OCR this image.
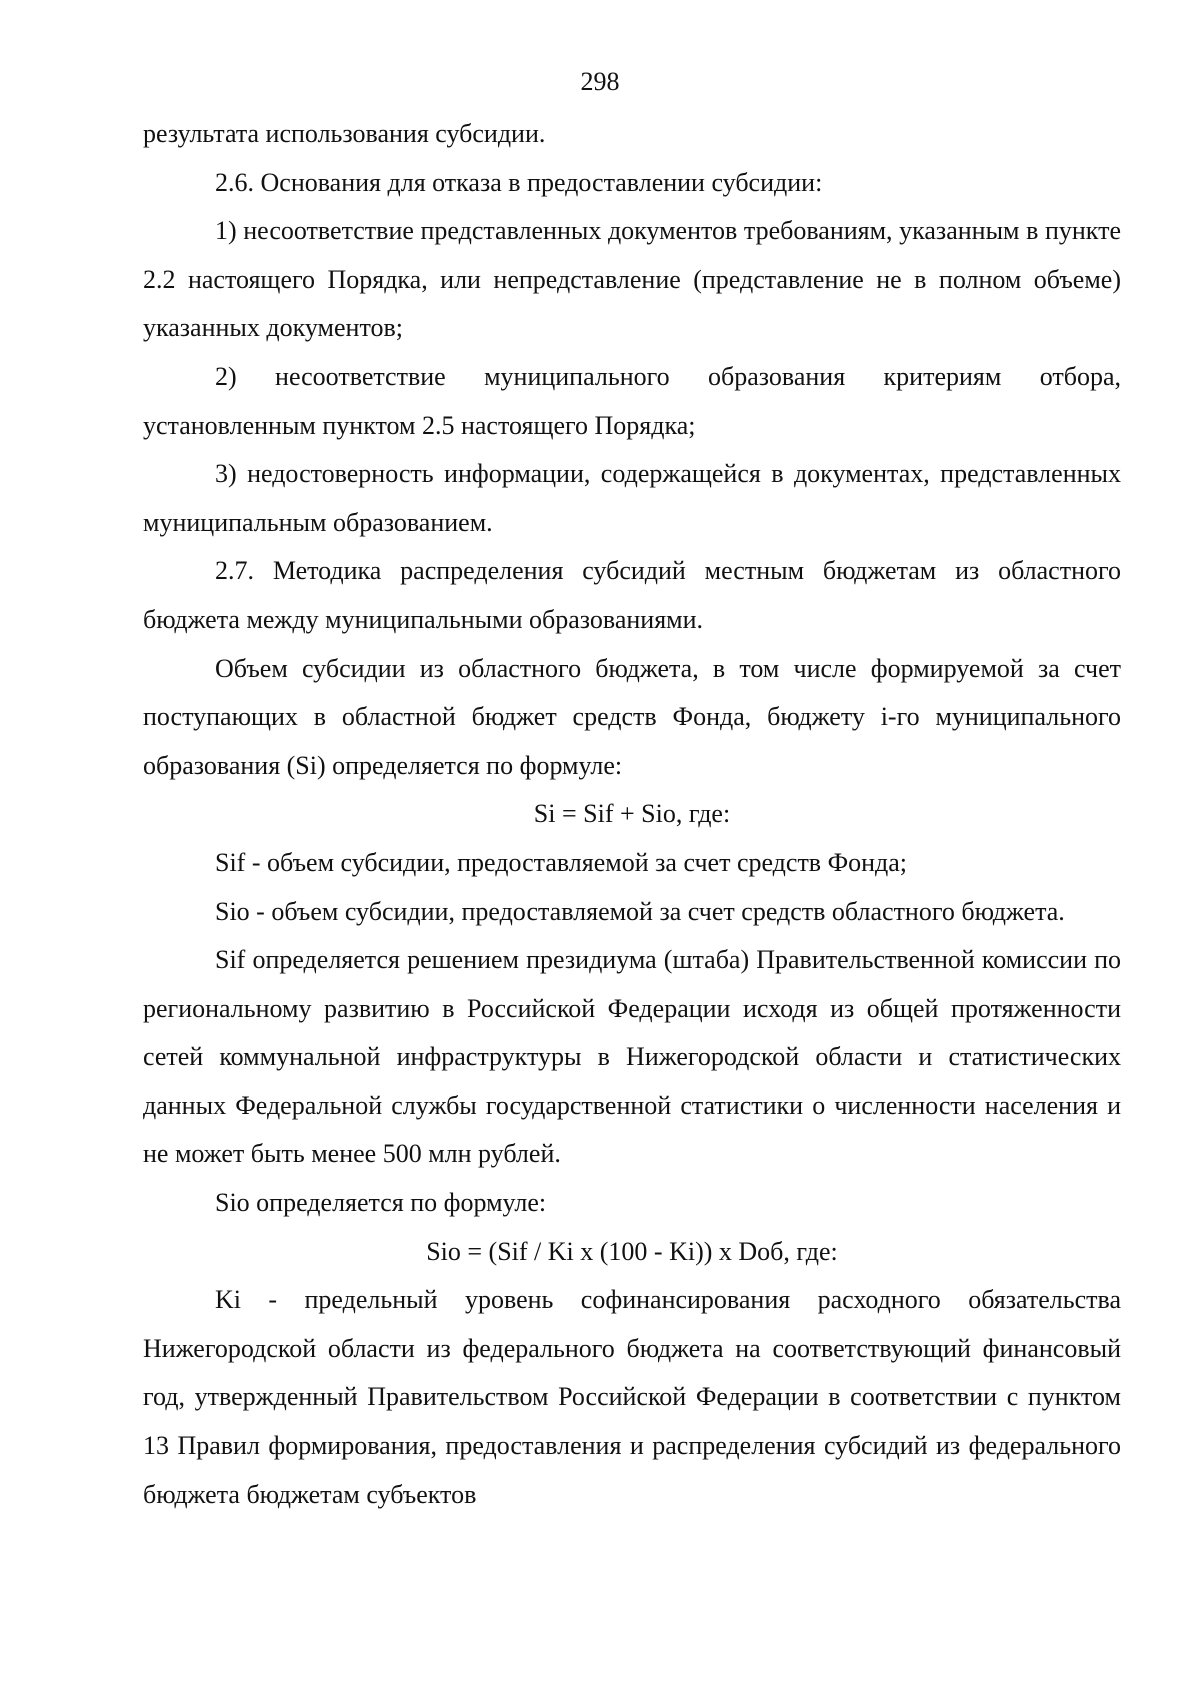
298

результата использования субсидии.

2.6. Основания для отказа в предоставлении субсидии:

1) несоответствие представленных документов требованиям, указанным в пункте 2.2 настоящего Порядка, или непредставление (представление не в полном объеме) указанных документов;

2) несоответствие муниципального образования критериям отбора, установленным пунктом 2.5 настоящего Порядка;

3) недостоверность информации, содержащейся в документах, представленных муниципальным образованием.

2.7. Методика распределения субсидий местным бюджетам из областного бюджета между муниципальными образованиями.

Объем субсидии из областного бюджета, в том числе формируемой за счет поступающих в областной бюджет средств Фонда, бюджету i-го муниципального образования (Si) определяется по формуле:

Si = Sif + Sio, где:

Sif - объем субсидии, предоставляемой за счет средств Фонда;

Sio - объем субсидии, предоставляемой за счет средств областного бюджета.

Sif определяется решением президиума (штаба) Правительственной комиссии по региональному развитию в Российской Федерации исходя из общей протяженности сетей коммунальной инфраструктуры в Нижегородской области и статистических данных Федеральной службы государственной статистики о численности населения и не может быть менее 500 млн рублей.

Sio определяется по формуле:

Sio = (Sif / Ki x (100 - Ki)) x Dоб, где:

Ki - предельный уровень софинансирования расходного обязательства Нижегородской области из федерального бюджета на соответствующий финансовый год, утвержденный Правительством Российской Федерации в соответствии с пунктом 13 Правил формирования, предоставления и распределения субсидий из федерального бюджета бюджетам субъектов
